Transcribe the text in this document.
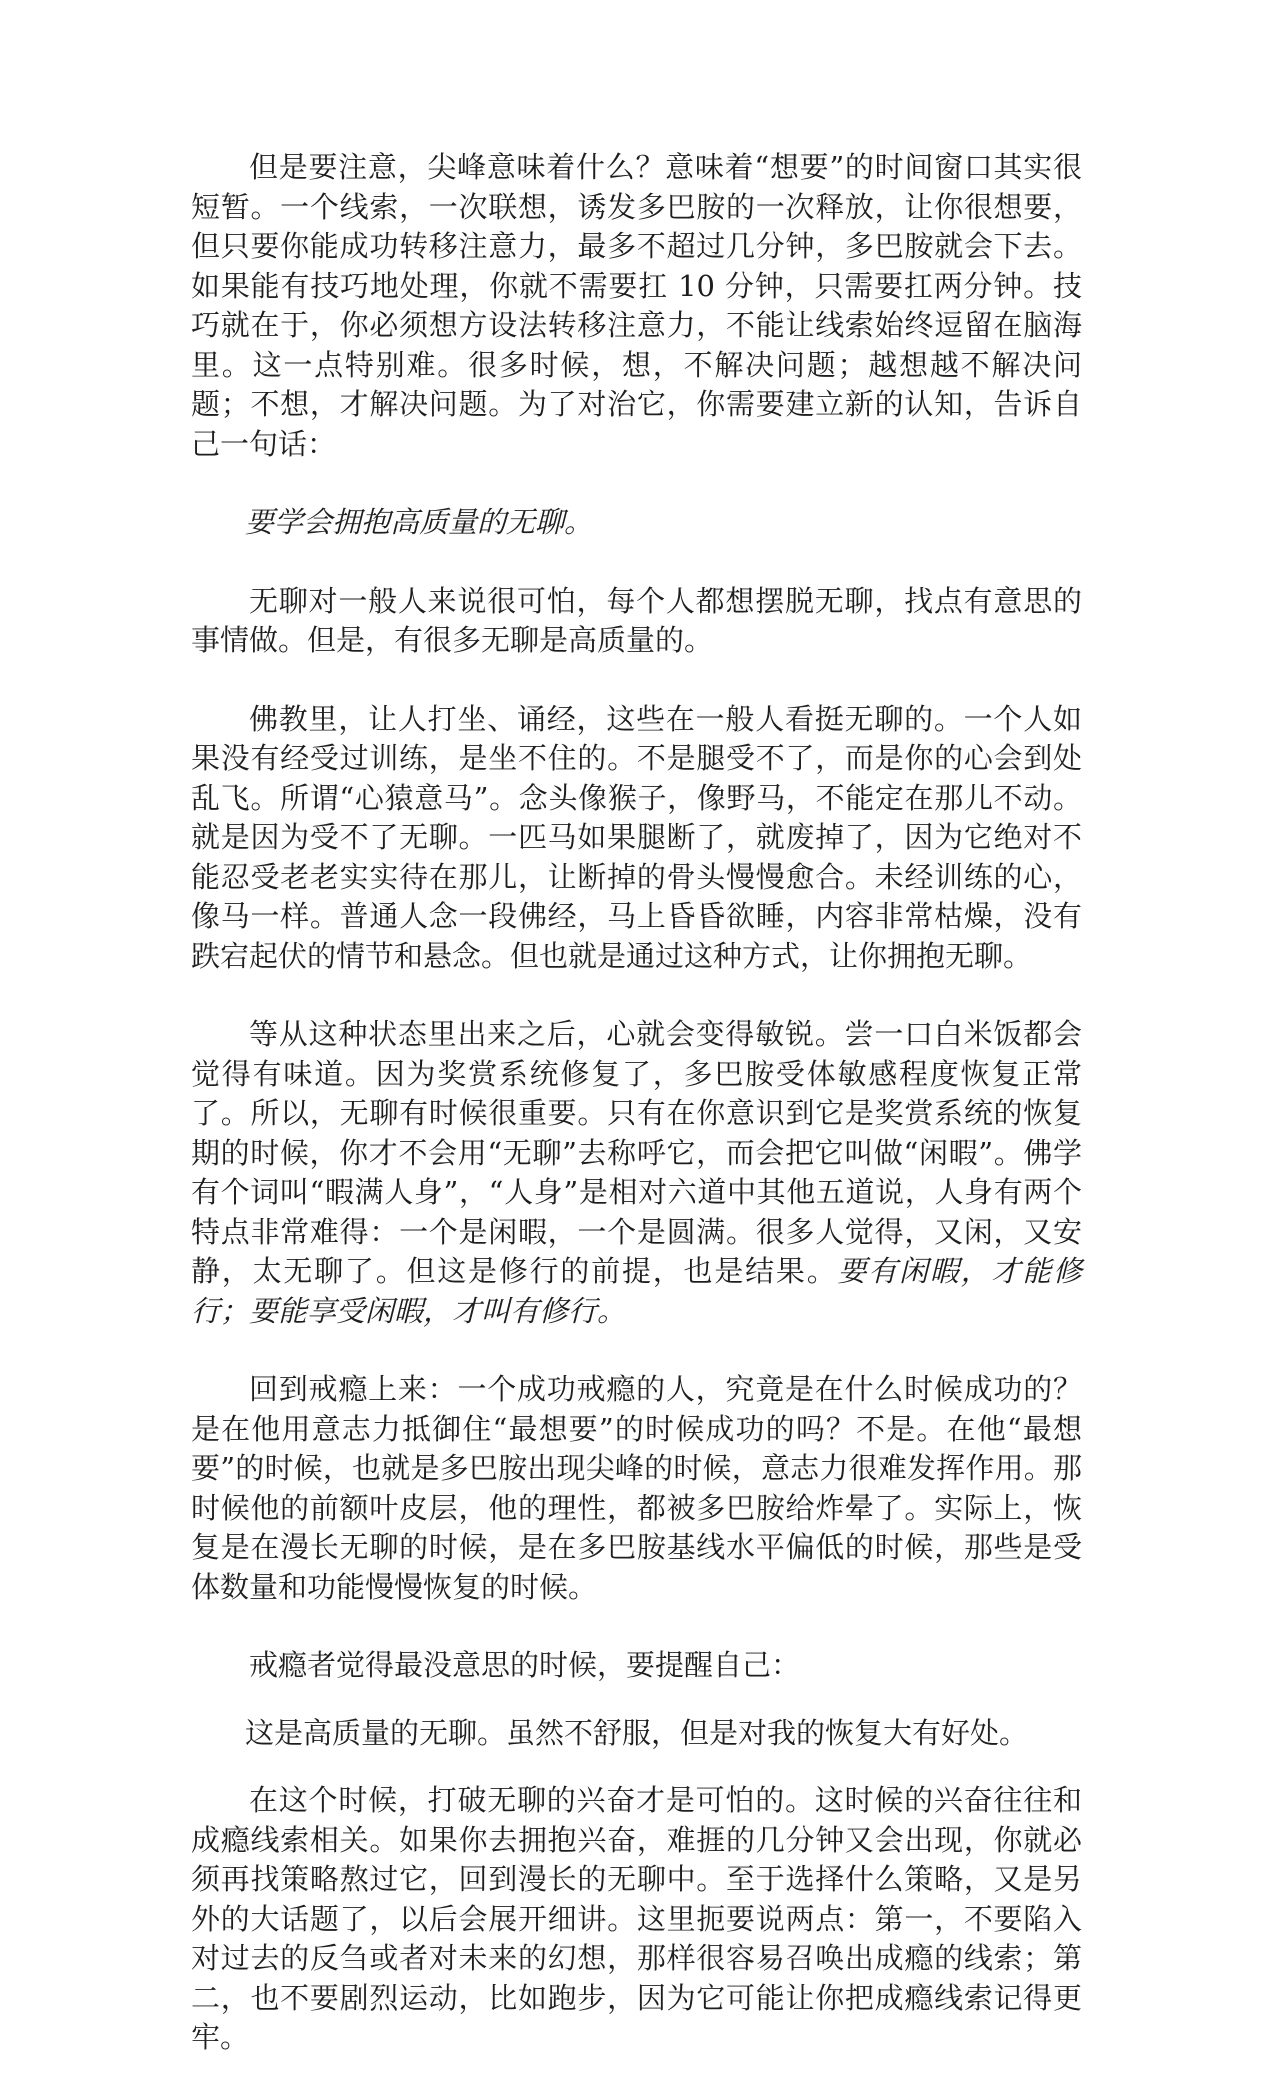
但是要注意，尖峰意味着什么？意味着“想要”的时间窗口其实很短暂。一个线索，一次联想，诱发多巴胺的一次释放，让你很想要，但只要你能成功转移注意力，最多不超过几分钟，多巴胺就会下去。如果能有技巧地处理，你就不需要扛 10 分钟，只需要扛两分钟。技巧就在于，你必须想方设法转移注意力，不能让线索始终逗留在脑海里。这一点特别难。很多时候，想，不解决问题；越想越不解决问题；不想，才解决问题。为了对治它，你需要建立新的认知，告诉自己一句话：

要学会拥抱高质量的无聊。

无聊对一般人来说很可怕，每个人都想摆脱无聊，找点有意思的事情做。但是，有很多无聊是高质量的。

佛教里，让人打坐、诵经，这些在一般人看挺无聊的。一个人如果没有经受过训练，是坐不住的。不是腿受不了，而是你的心会到处乱飞。所谓“心猿意马”。念头像猴子，像野马，不能定在那儿不动。就是因为受不了无聊。一匹马如果腿断了，就废掉了，因为它绝对不能忍受老老实实待在那儿，让断掉的骨头慢慢愈合。未经训练的心，像马一样。普通人念一段佛经，马上昏昏欲睡，内容非常枯燥，没有跌宕起伏的情节和悬念。但也就是通过这种方式，让你拥抱无聊。

等从这种状态里出来之后，心就会变得敏锐。尝一口白米饭都会觉得有味道。因为奖赏系统修复了，多巴胺受体敏感程度恢复正常了。所以，无聊有时候很重要。只有在你意识到它是奖赏系统的恢复期的时候，你才不会用“无聊”去称呼它，而会把它叫做“闲暇”。佛学有个词叫“暇满人身”，“人身”是相对六道中其他五道说，人身有两个特点非常难得：一个是闲暇，一个是圆满。很多人觉得，又闲，又安静，太无聊了。但这是修行的前提，也是结果。要有闲暇，才能修行；要能享受闲暇，才叫有修行。

回到戒瘾上来：一个成功戒瘾的人，究竟是在什么时候成功的？是在他用意志力抵御住“最想要”的时候成功的吗？不是。在他“最想要”的时候，也就是多巴胺出现尖峰的时候，意志力很难发挥作用。那时候他的前额叶皮层，他的理性，都被多巴胺给炸晕了。实际上，恢复是在漫长无聊的时候，是在多巴胺基线水平偏低的时候，那些是受体数量和功能慢慢恢复的时候。

戒瘾者觉得最没意思的时候，要提醒自己：

这是高质量的无聊。虽然不舒服，但是对我的恢复大有好处。

在这个时候，打破无聊的兴奋才是可怕的。这时候的兴奋往往和成瘾线索相关。如果你去拥抱兴奋，难捱的几分钟又会出现，你就必须再找策略熬过它，回到漫长的无聊中。至于选择什么策略，又是另外的大话题了，以后会展开细讲。这里扼要说两点：第一，不要陷入对过去的反刍或者对未来的幻想，那样很容易召唤出成瘾的线索；第二，也不要剧烈运动，比如跑步，因为它可能让你把成瘾线索记得更牢。
